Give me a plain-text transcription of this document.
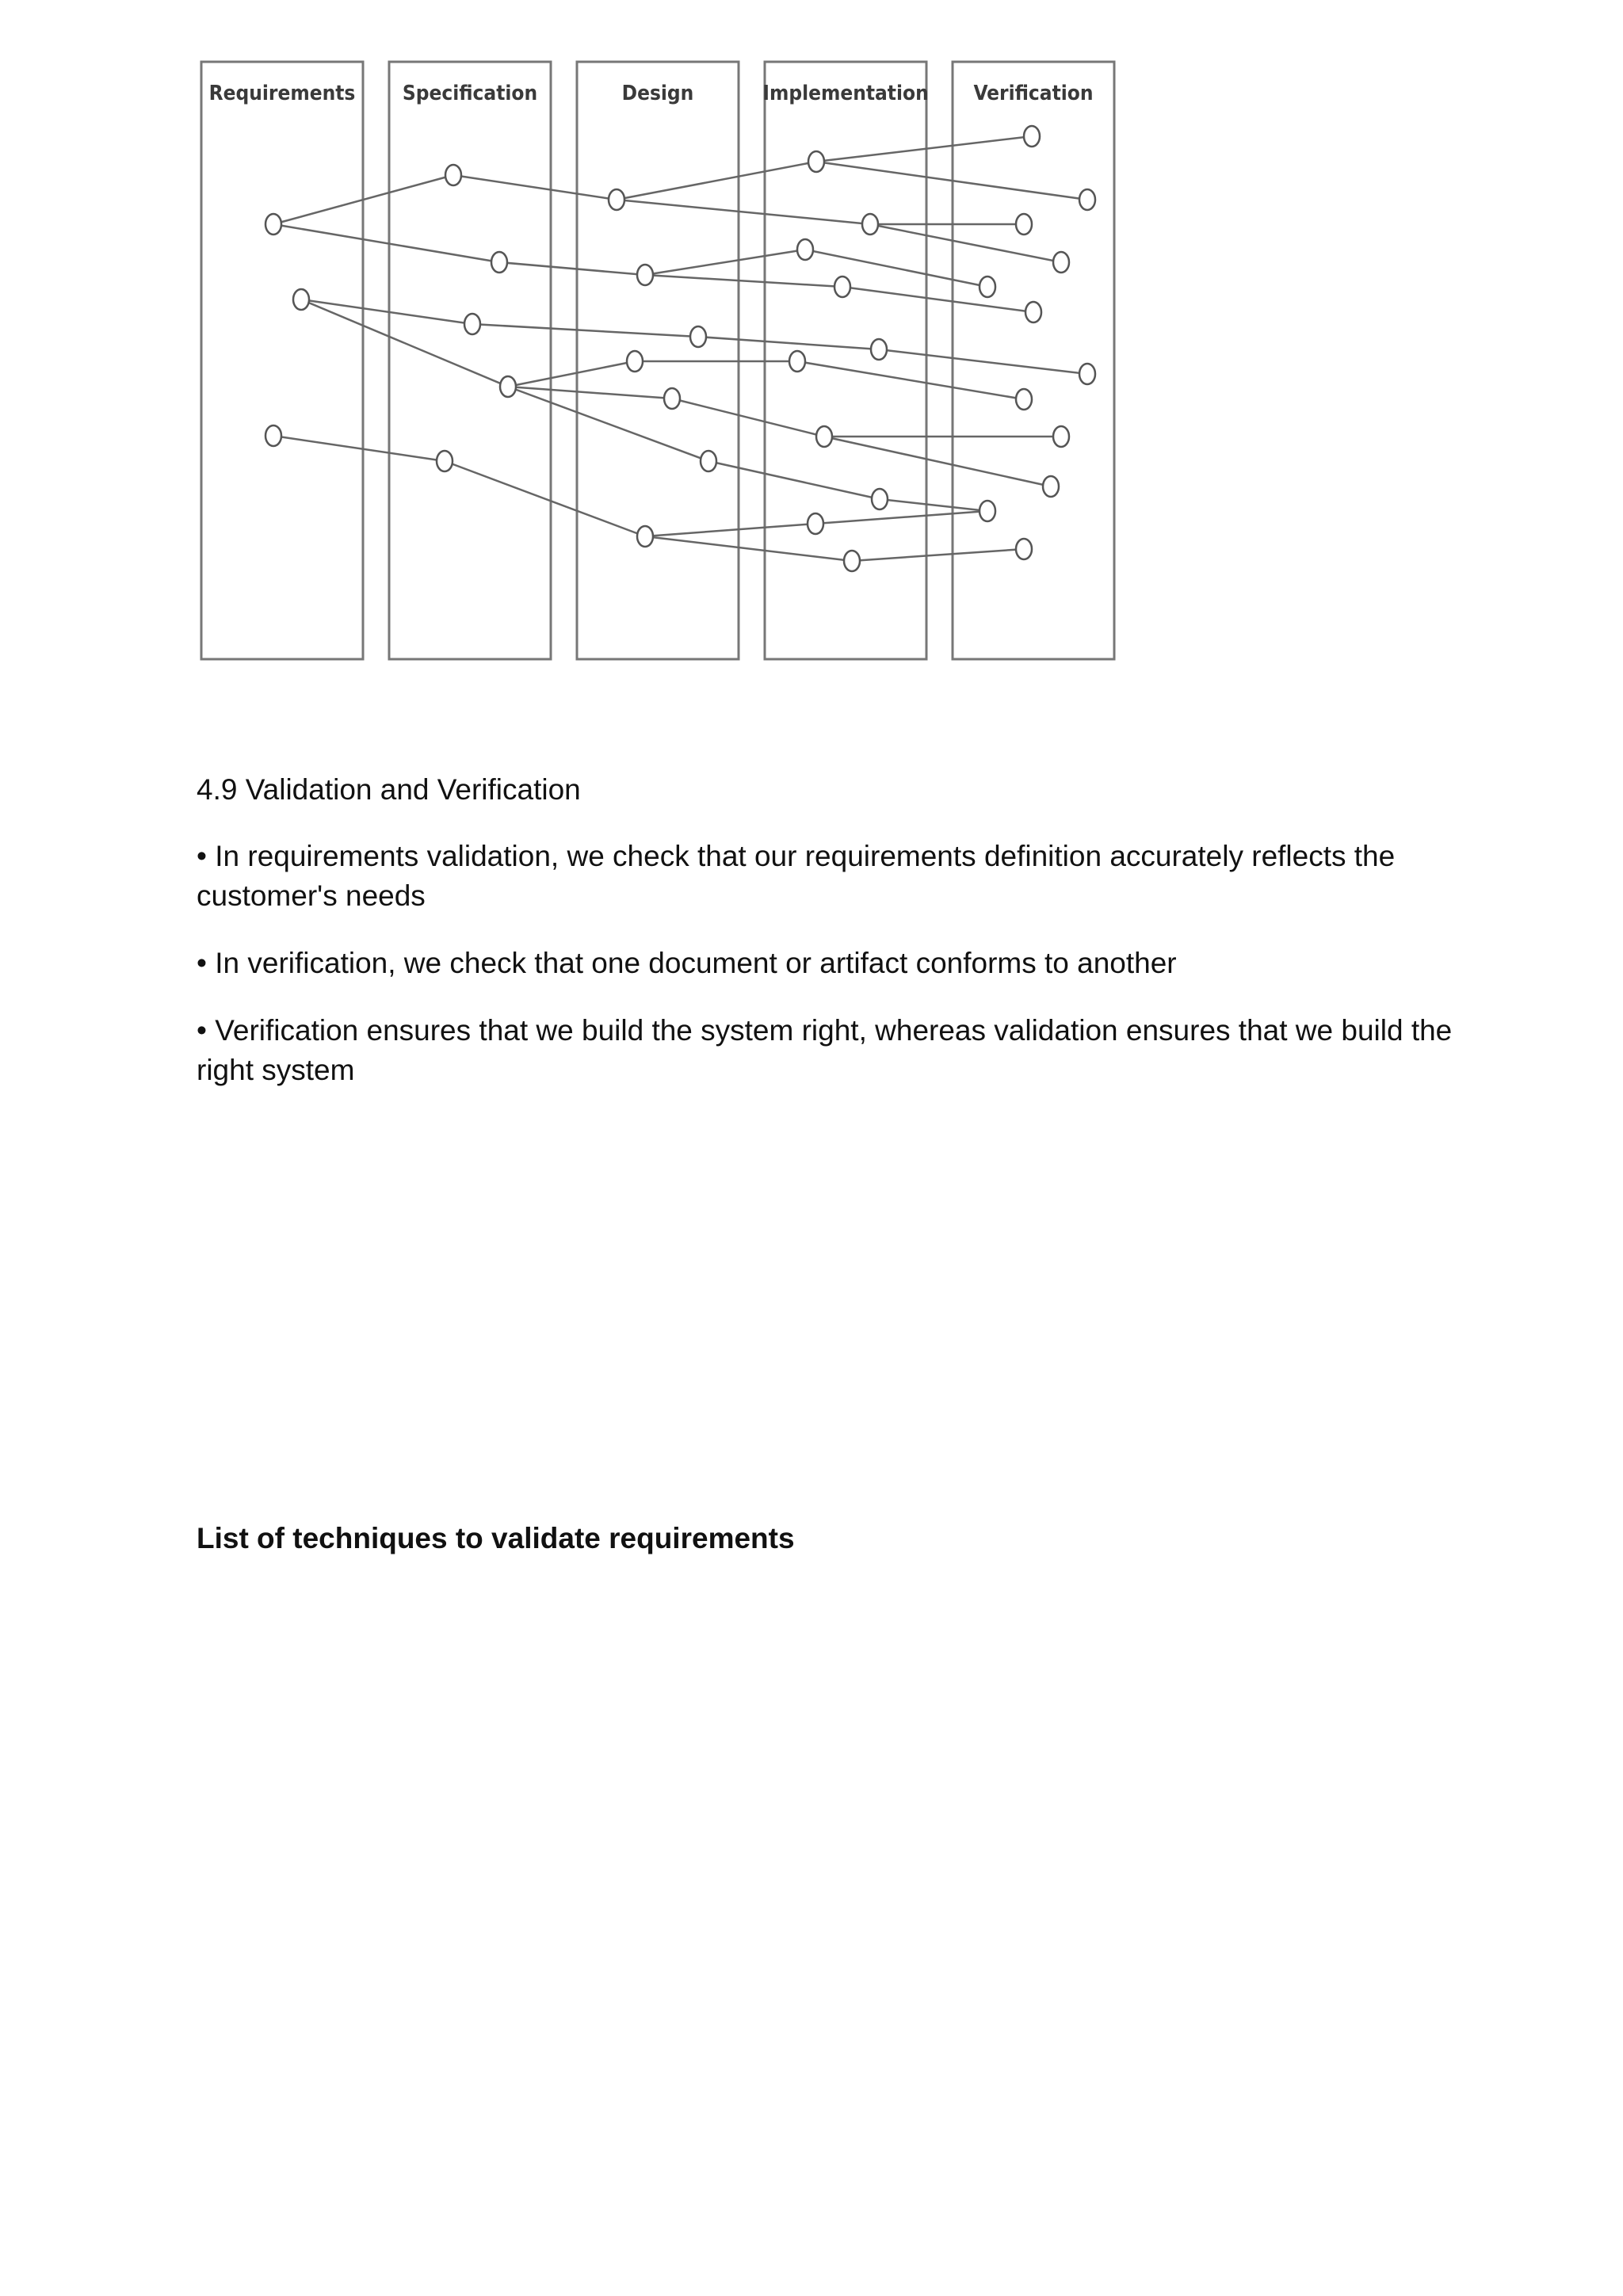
Requirements Specification	Design	Implementation Verification

4.9 Validation and Verification

• In requirements validation, we check that our requirements definition accurately reflects the customer's needs

• In verification, we check that one document or artifact conforms to another

• Verification ensures that we build the system right, whereas validation ensures that we build the right system

List of techniques to validate requirements
